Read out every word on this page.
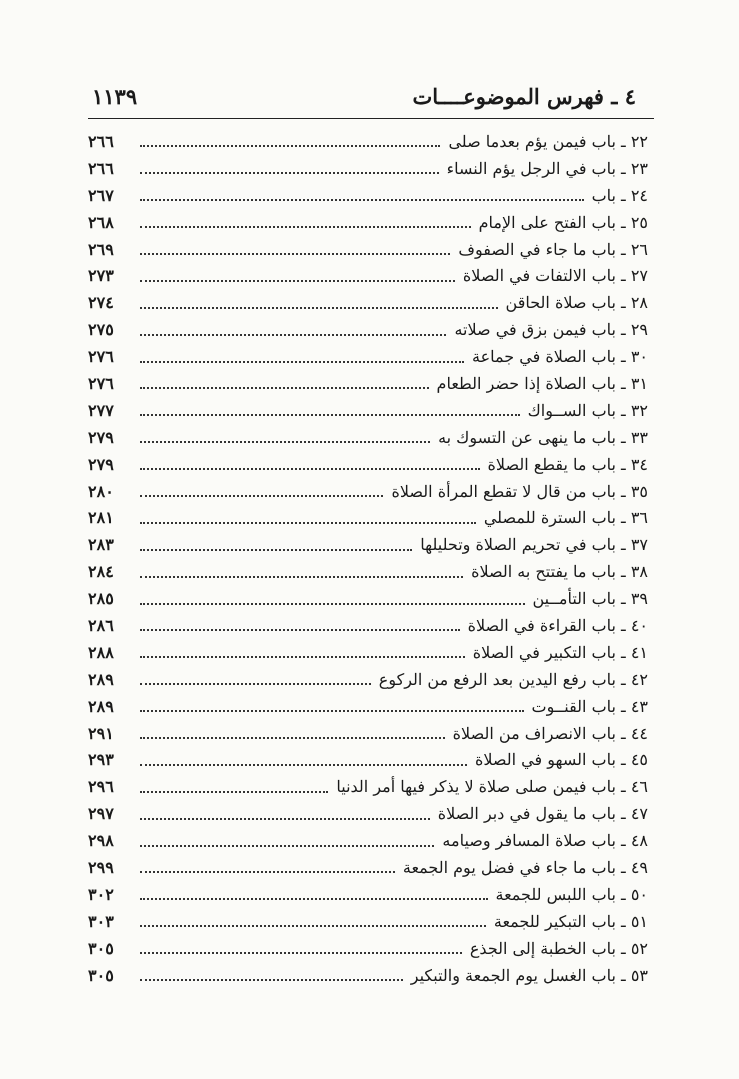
٤ ـ فهرس الموضوعــــات
١١٣٩
٢٢ ـ باب فيمن يؤم بعدما صلى
٢٦٦
٢٣ ـ باب في الرجل يؤم النساء
٢٦٦
٢٤ ـ باب
٢٦٧
٢٥ ـ باب الفتح على الإمام
٢٦٨
٢٦ ـ باب ما جاء في الصفوف
٢٦٩
٢٧ ـ باب الالتفات في الصلاة
٢٧٣
٢٨ ـ باب صلاة الحاقن
٢٧٤
٢٩ ـ باب فيمن بزق في صلاته
٢٧٥
٣٠ ـ باب الصلاة في جماعة
٢٧٦
٣١ ـ باب الصلاة إذا حضر الطعام
٢٧٦
٣٢ ـ باب الســواك
٢٧٧
٣٣ ـ باب ما ينهى عن التسوك به
٢٧٩
٣٤ ـ باب ما يقطع الصلاة
٢٧٩
٣٥ ـ باب من قال لا تقطع المرأة الصلاة
٢٨٠
٣٦ ـ باب السترة للمصلي
٢٨١
٣٧ ـ باب في تحريم الصلاة وتحليلها
٢٨٣
٣٨ ـ باب ما يفتتح به الصلاة
٢٨٤
٣٩ ـ باب التأمــين
٢٨٥
٤٠ ـ باب القراءة في الصلاة
٢٨٦
٤١ ـ باب التكبير في الصلاة
٢٨٨
٤٢ ـ باب رفع اليدين بعد الرفع من الركوع
٢٨٩
٤٣ ـ باب القنــوت
٢٨٩
٤٤ ـ باب الانصراف من الصلاة
٢٩١
٤٥ ـ باب السهو في الصلاة
٢٩٣
٤٦ ـ باب فيمن صلى صلاة لا يذكر فيها أمر الدنيا
٢٩٦
٤٧ ـ باب ما يقول في دبر الصلاة
٢٩٧
٤٨ ـ باب صلاة المسافر وصيامه
٢٩٨
٤٩ ـ باب ما جاء في فضل يوم الجمعة
٢٩٩
٥٠ ـ باب اللبس للجمعة
٣٠٢
٥١ ـ باب التبكير للجمعة
٣٠٣
٥٢ ـ باب الخطبة إلى الجذع
٣٠٥
٥٣ ـ باب الغسل يوم الجمعة والتبكير
٣٠٥
